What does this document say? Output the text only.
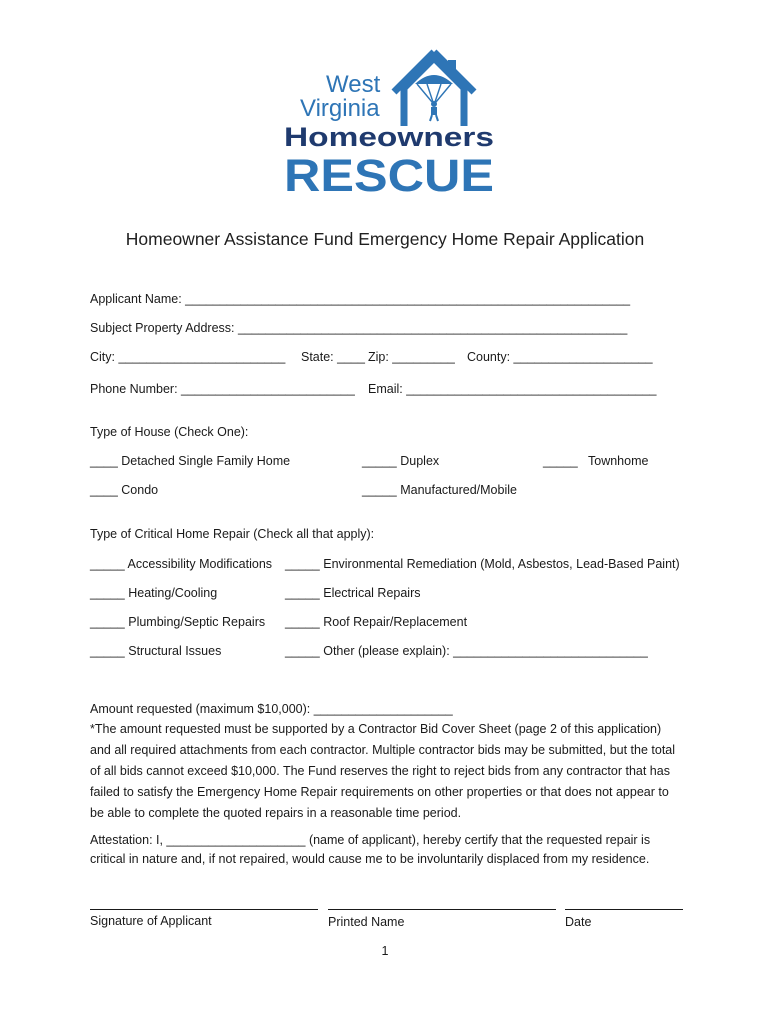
West
Virginia
Homeowners
RESCUE
Homeowner Assistance Fund Emergency Home Repair Application
Applicant Name: ________________________________________________________________
Subject Property Address: ________________________________________________________
City: ________________________ State: ____ Zip: _________ County: ____________________
Phone Number: _________________________ Email: ____________________________________
Type of House (Check One):
____ Detached Single Family Home	_____ Duplex	_____ Townhome
____ Condo	_____ Manufactured/Mobile
Type of Critical Home Repair (Check all that apply):
_____ Accessibility Modifications _____ Environmental Remediation (Mold, Asbestos, Lead-Based Paint)
_____ Heating/Cooling	_____ Electrical Repairs
_____ Plumbing/Septic Repairs _____ Roof Repair/Replacement
_____ Structural Issues	_____ Other (please explain): ____________________________
Amount requested (maximum $10,000): ____________________
*The amount requested must be supported by a Contractor Bid Cover Sheet (page 2 of this application) and all required attachments from each contractor. Multiple contractor bids may be submitted, but the total of all bids cannot exceed $10,000. The Fund reserves the right to reject bids from any contractor that has failed to satisfy the Emergency Home Repair requirements on other properties or that does not appear to be able to complete the quoted repairs in a reasonable time period.
Attestation: I, ____________________ (name of applicant), hereby certify that the requested repair is critical in nature and, if not repaired, would cause me to be involuntarily displaced from my residence.
Signature of Applicant	Printed Name	Date
1
